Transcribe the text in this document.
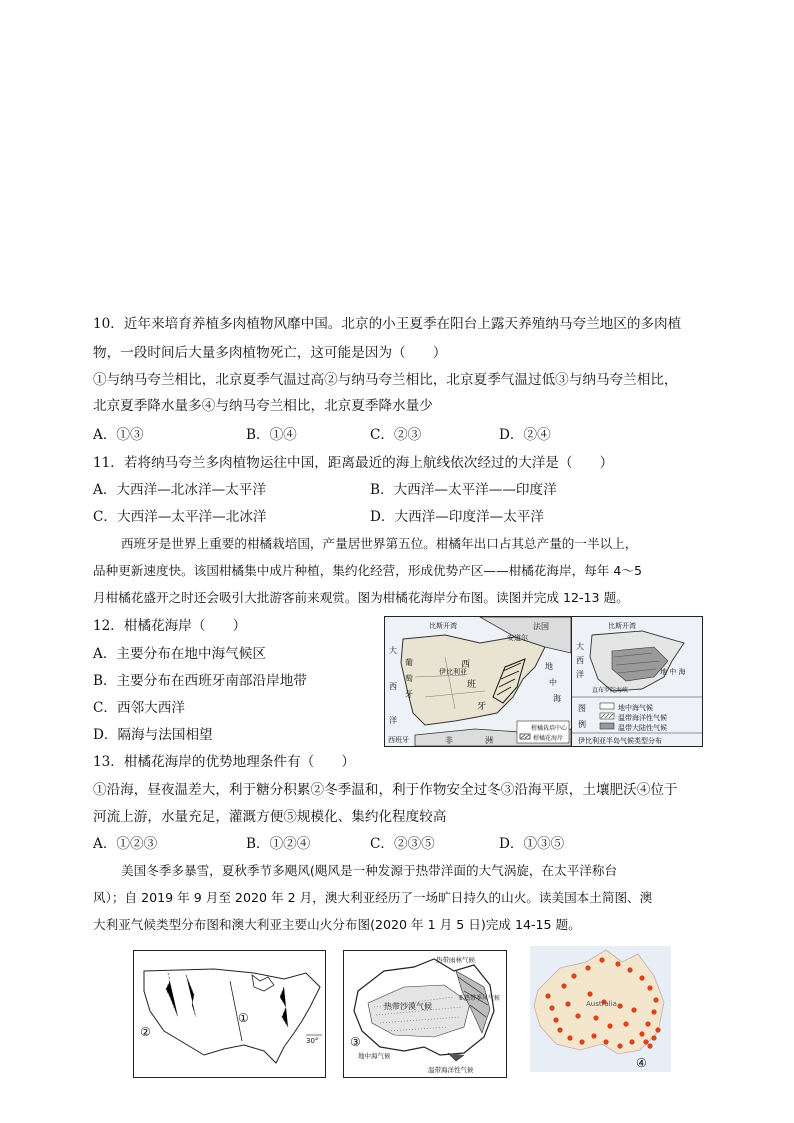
10．近年来培育养植多肉植物风靡中国。北京的小王夏季在阳台上露天养殖纳马夸兰地区的多肉植
物，一段时间后大量多肉植物死亡，这可能是因为（　　）
①与纳马夸兰相比，北京夏季气温过高②与纳马夸兰相比，北京夏季气温过低③与纳马夸兰相比，
北京夏季降水量多④与纳马夸兰相比，北京夏季降水量少
A．①③	B．①④	C．②③	D．②④
11．若将纳马夸兰多肉植物运往中国，距离最近的海上航线依次经过的大洋是（　　）
A．大西洋—北冰洋—太平洋	B．大西洋—太平洋——印度洋
C．大西洋—太平洋—北冰洋	D．大西洋—印度洋—太平洋
西班牙是世界上重要的柑橘栽培国，产量居世界第五位。柑橘年出口占其总产量的一半以上，
品种更新速度快。该国柑橘集中成片种植，集约化经营，形成优势产区——柑橘花海岸，每年 4～5
月柑橘花盛开之时还会吸引大批游客前来观赏。图为柑橘花海岸分布图。读图并完成 12-13 题。
12．柑橘花海岸（　　）
A．主要分布在地中海气候区
B．主要分布在西班牙南部沿岸地带
C．西邻大西洋
D．隔海与法国相望
比斯开湾	法国
大
西
洋
葡
萄
牙
西
班
牙
伊比利亚
安道尔
地
中
海
西班牙	非	洲
柑橘栽培中心
柑橘花海岸
比斯开湾
大
西
洋	地 中 海
直布罗陀海峡
图
例
地中海气候
温带海洋性气候
温带大陆性气候
伊比利亚半岛气候类型分布
13．柑橘花海岸的优势地理条件有（　　）
①沿海，昼夜温差大，利于糖分积累②冬季温和，利于作物安全过冬③沿海平原，土壤肥沃④位于
河流上游，水量充足，灌溉方便⑤规模化、集约化程度较高
A．①②③	B．①②④	C．②③⑤	D．①③⑤
美国冬季多暴雪，夏秋季节多飓风(飓风是一种发源于热带洋面的大气涡旋，在太平洋称台
风）；自 2019 年 9 月至 2020 年 2 月，澳大利亚经历了一场旷日持久的山火。读美国本土简图、澳
大利亚气候类型分布图和澳大利亚主要山火分布图(2020 年 1 月 5 日)完成 14-15 题。
②
①
30°
热带雨林气候
热带沙漠气候
亚热带季风气候
③
地中海气候
温带海洋性气候
Australia
④
